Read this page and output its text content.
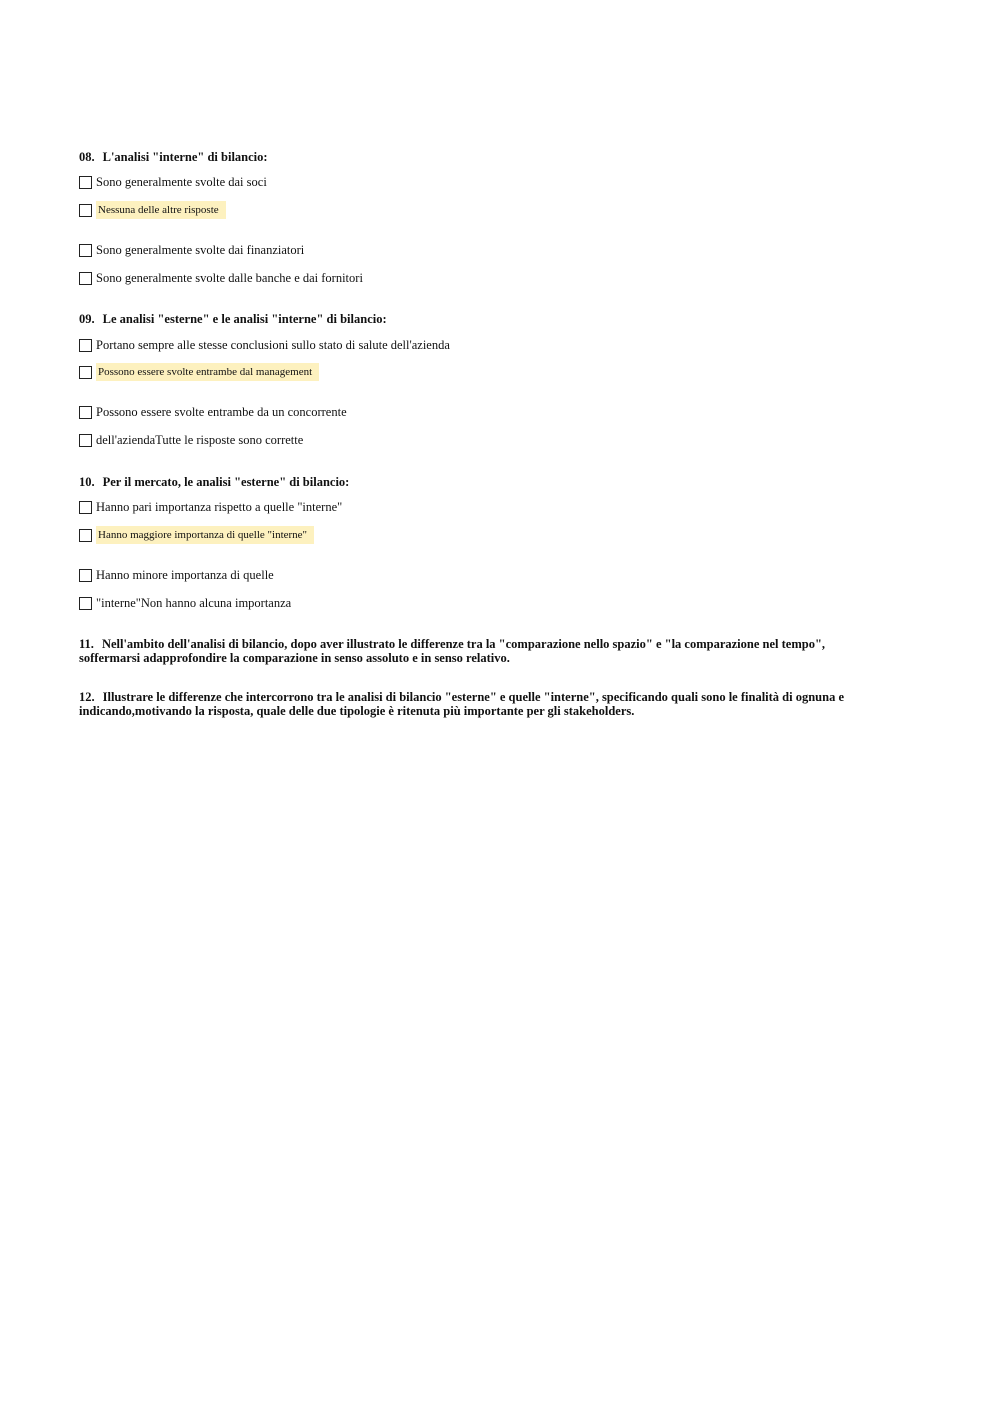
08. L'analisi "interne" di bilancio:
Sono generalmente svolte dai soci
Nessuna delle altre risposte
Sono generalmente svolte dai finanziatori
Sono generalmente svolte dalle banche e dai fornitori
09. Le analisi "esterne" e le analisi "interne" di bilancio:
Portano sempre alle stesse conclusioni sullo stato di salute dell'azienda
Possono essere svolte entrambe dal management
Possono essere svolte entrambe da un concorrente
dell'aziendaTutte le risposte sono corrette
10. Per il mercato, le analisi "esterne" di bilancio:
Hanno pari importanza rispetto a quelle "interne"
Hanno maggiore importanza di quelle "interne"
Hanno minore importanza di quelle
"interne"Non hanno alcuna importanza
11. Nell'ambito dell'analisi di bilancio, dopo aver illustrato le differenze tra la "comparazione nello spazio" e "la comparazione nel tempo", soffermarsi adapprofondire la comparazione in senso assoluto e in senso relativo.
12. Illustrare le differenze che intercorrono tra le analisi di bilancio "esterne" e quelle "interne", specificando quali sono le finalità di ognuna e indicando,motivando la risposta, quale delle due tipologie è ritenuta più importante per gli stakeholders.
